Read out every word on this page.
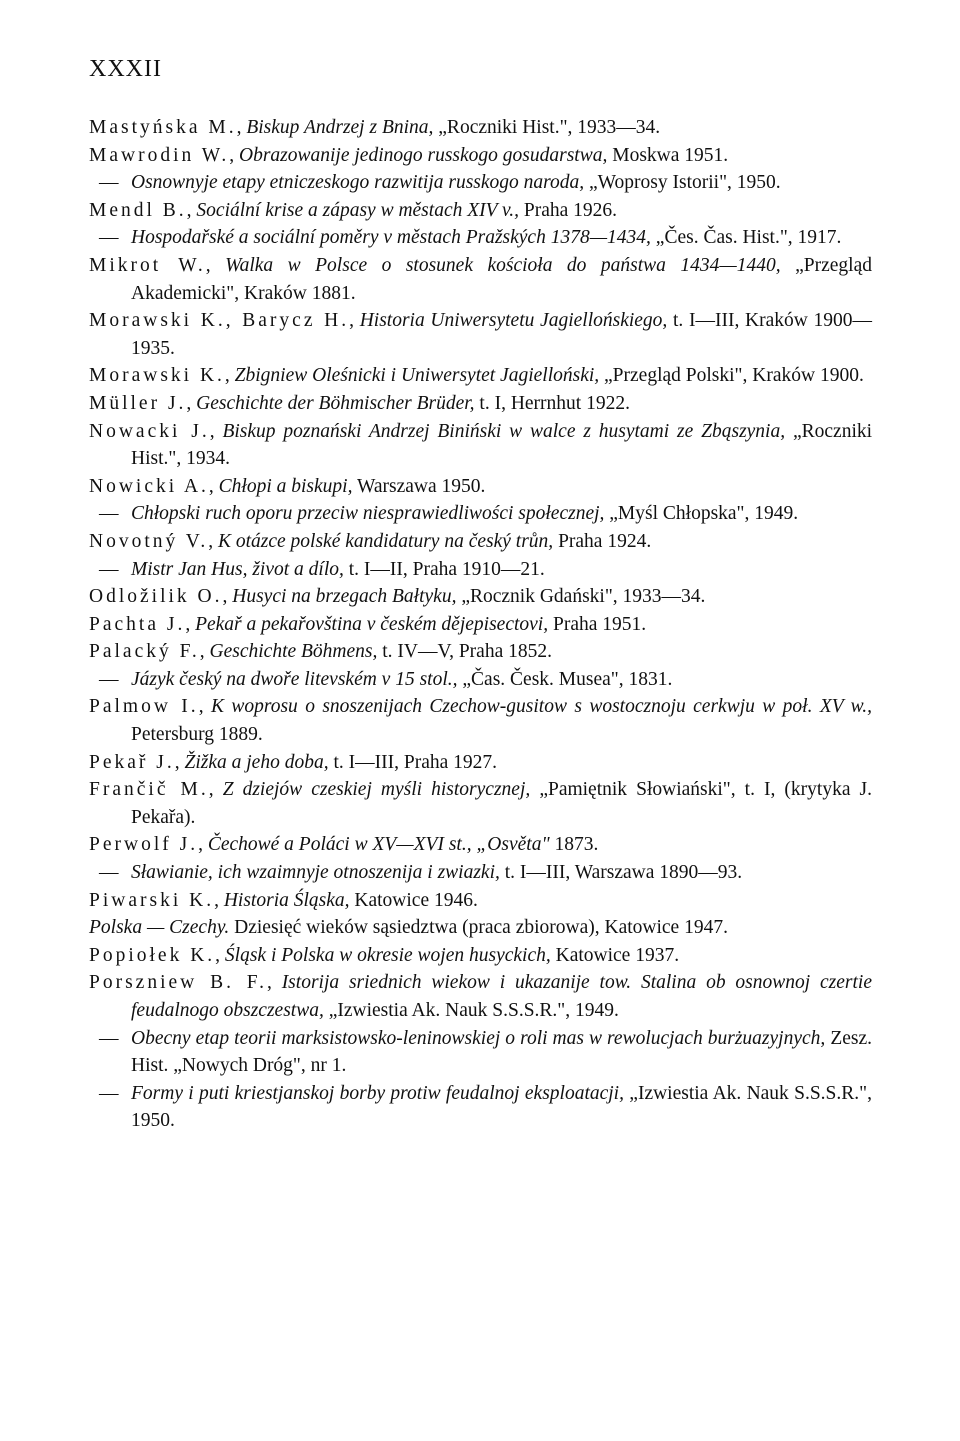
XXXII
Mastyńska M., Biskup Andrzej z Bnina, „Roczniki Hist.", 1933—34.
Mawrodin W., Obrazowanije jedinogo russkogo gosudarstwa, Moskwa 1951.
— Osnownyje etapy etniczeskogo razwitija russkogo naroda, „Woprosy Istorii", 1950.
Mendl B., Sociální krise a zápasy w městach XIV v., Praha 1926.
— Hospodařské a sociální poměry v městach Pražských 1378—1434, „Čes. Čas. Hist.", 1917.
Mikrot W., Walka w Polsce o stosunek kościoła do państwa 1434—1440, „Przegląd Akademicki", Kraków 1881.
Morawski K., Barycz H., Historia Uniwersytetu Jagiellońskiego, t. I—III, Kraków 1900—1935.
Morawski K., Zbigniew Oleśnicki i Uniwersytet Jagielloński, „Przegląd Polski", Kraków 1900.
Müller J., Geschichte der Böhmischer Brüder, t. I, Herrnhut 1922.
Nowacki J., Biskup poznański Andrzej Biniński w walce z husytami ze Zbąszynia, „Roczniki Hist.", 1934.
Nowicki A., Chłopi a biskupi, Warszawa 1950.
— Chłopski ruch oporu przeciw niesprawiedliwości społecznej, „Myśl Chłopska", 1949.
Novotný V., K otázce polské kandidatury na český trůn, Praha 1924.
— Mistr Jan Hus, život a dílo, t. I—II, Praha 1910—21.
Odložilik O., Husyci na brzegach Bałtyku, „Rocznik Gdański", 1933—34.
Pachta J., Pekař a pekařovština v českém dějepisectovi, Praha 1951.
Palacký F., Geschichte Böhmens, t. IV—V, Praha 1852.
— Jázyk český na dwoře litevském v 15 stol., „Čas. Česk. Musea", 1831.
Palmow I., K woprosu o snoszenijach Czechow-gusitow s wostocznoju cerkwju w poł. XV w., Petersburg 1889.
Pekař J., Žižka a jeho doba, t. I—III, Praha 1927.
Frančič M., Z dziejów czeskiej myśli historycznej, „Pamiętnik Słowiański", t. I, (krytyka J. Pekařa).
Perwolf J., Čechowé a Poláci w XV—XVI st., „Osvěta" 1873.
— Sławianie, ich wzaimnyje otnoszenija i zwiazki, t. I—III, Warszawa 1890—93.
Piwarski K., Historia Śląska, Katowice 1946.
Polska — Czechy. Dziesięć wieków sąsiedztwa (praca zbiorowa), Katowice 1947.
Popiołek K., Śląsk i Polska w okresie wojen husyckich, Katowice 1937.
Porszniew B. F., Istorija sriednich wiekow i ukazanije tow. Stalina ob osnownoj czertie feudalnogo obszczestwa, „Izwiestia Ak. Nauk S.S.S.R.", 1949.
— Obecny etap teorii marksistowsko-leninowskiej o roli mas w rewolucjach burżuazyjnych, Zesz. Hist. „Nowych Dróg", nr 1.
— Formy i puti kriestjanskoj borby protiw feudalnoj eksploatacji, „Izwiestia Ak. Nauk S.S.S.R.", 1950.
